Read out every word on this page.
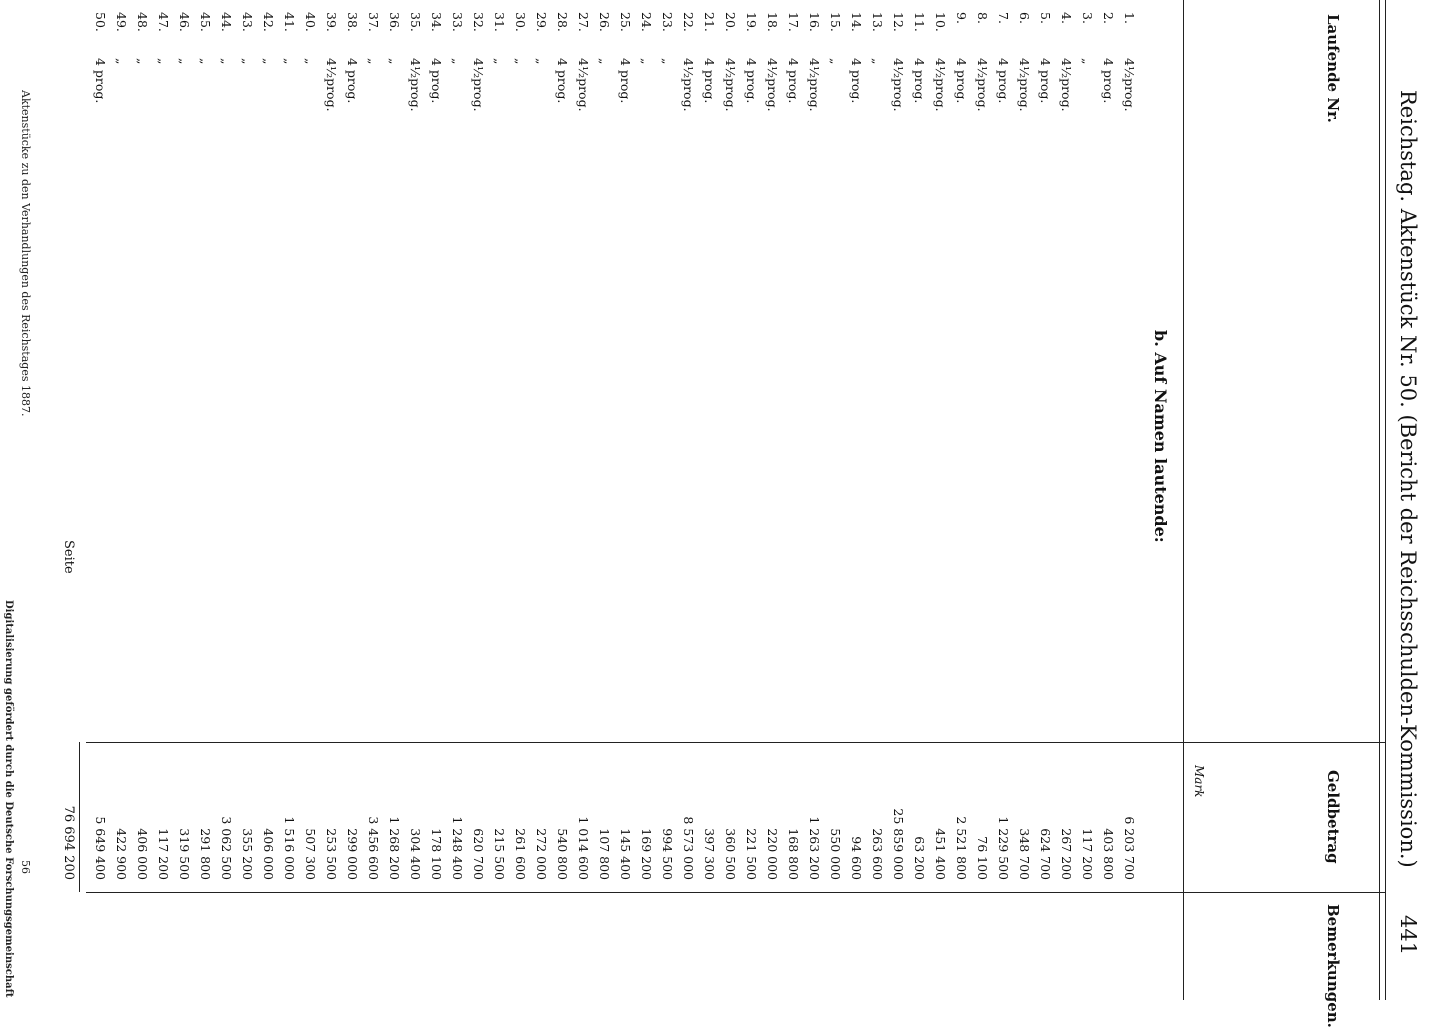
Reichstag. Aktenstück Nr. 50. (Bericht der Reichsschulden-Kommission.)
441
Laufende Nr.
Geldbetrag
Mark
Bemerkungen.
b. Auf Namen lautende:
1.
4½prog.
6 203 700
2.
4 prog.
403 800
3.
„
117 200
4.
4½prog.
267 200
5.
4 prog.
624 700
6.
4½prog.
348 700
7.
4 prog.
1 229 500
8.
4½prog.
76 100
9.
4 prog.
2 521 800
10.
4½prog.
451 400
11.
4 prog.
63 200
12.
4½prog.
25 859 000
13.
„
263 600
14.
4 prog.
94 600
15.
„
550 000
16.
4½prog.
1 263 200
17.
4 prog.
168 800
18.
4½prog.
220 000
19.
4 prog.
221 500
20.
4½prog.
360 500
21.
4 prog.
397 300
22.
4½prog.
8 573 000
23.
„
994 500
24.
„
169 200
25.
4 prog.
145 400
26.
„
107 800
27.
4½prog.
1 014 600
28.
4 prog.
540 800
29.
„
272 000
30.
„
261 600
31.
„
215 500
32.
4½prog.
620 700
33.
„
1 248 400
34.
4 prog.
178 100
35.
4½prog.
304 400
36.
„
1 268 200
37.
„
3 456 600
38.
4 prog.
299 000
39.
4½prog.
253 500
40.
„
507 300
41.
„
1 516 000
42.
„
406 000
43.
„
355 200
44.
„
3 062 500
45.
„
291 800
46.
„
319 500
47.
„
117 200
48.
„
406 000
49.
„
422 900
50.
4 prog.
5 649 400
Seite
76 694 200
Aktenstücke zu den Verhandlungen des Reichstages 1887.
56
Digitalisierung gefördert durch die Deutsche Forschungsgemeinschaft
